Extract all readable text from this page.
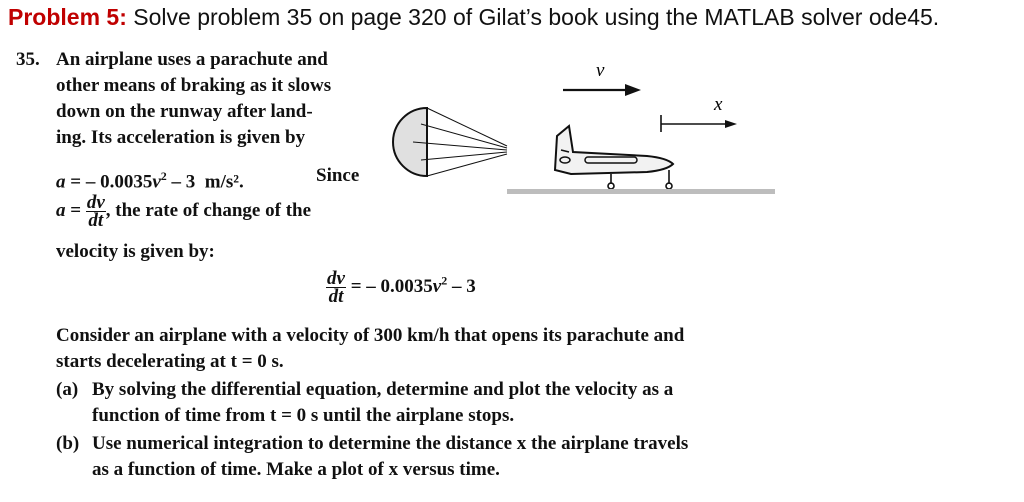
Problem 5: Solve problem 35 on page 320 of Gilat’s book using the MATLAB solver ode45.
35. An airplane uses a parachute and
other means of braking as it slows
down on the runway after land-
ing. Its acceleration is given by
a = – $0.0035v^2 - 3$ m/s².	Since
$a = \frac{dv}{dt}$ , the rate of change of the
velocity is given by:
$\frac{dv}{dt}$ = – $0.0035v^2 - 3$
Consider an airplane with a velocity of 300 km/h that opens its parachute and
starts decelerating at t = 0 s.
(a) By solving the differential equation, determine and plot the velocity as a
function of time from t = 0 s until the airplane stops.
(b) Use numerical integration to determine the distance x the airplane travels
as a function of time. Make a plot of x versus time.
v
x
